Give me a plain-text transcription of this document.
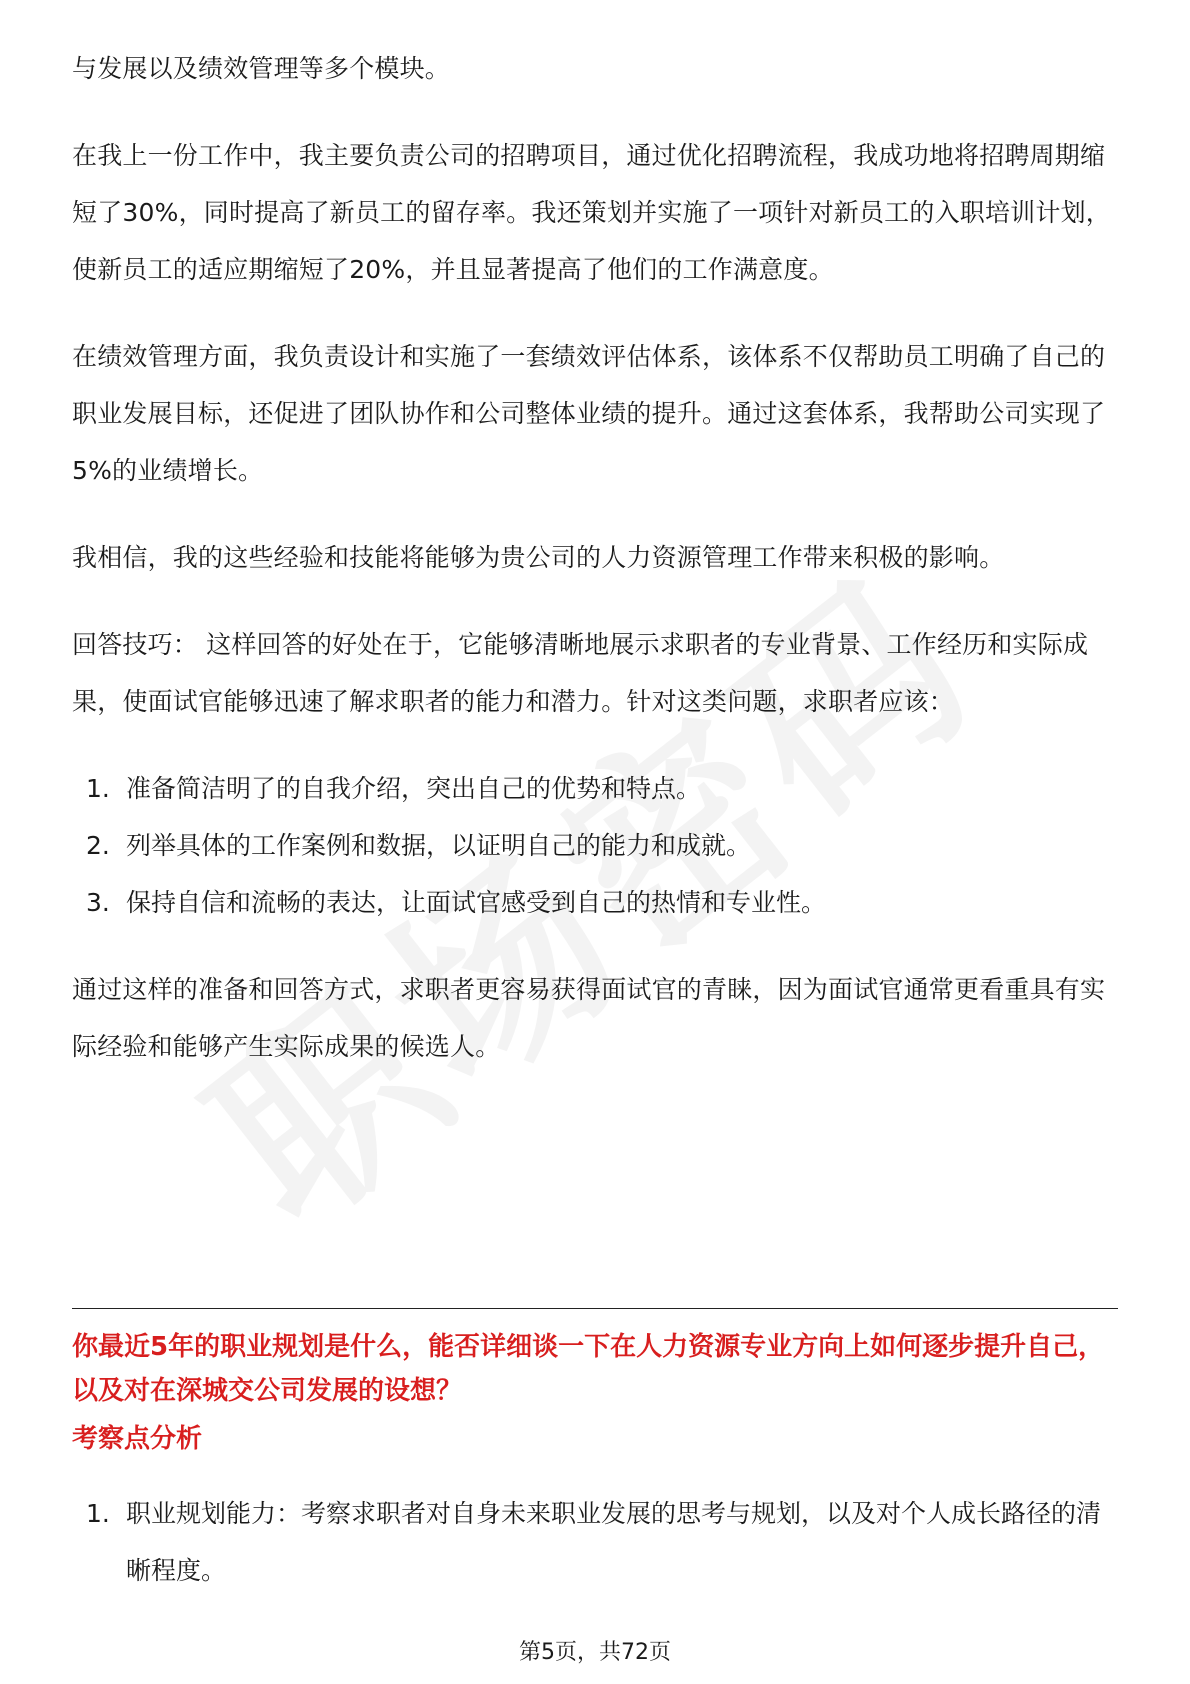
与发展以及绩效管理等多个模块。

在我上一份工作中，我主要负责公司的招聘项目，通过优化招聘流程，我成功地将招聘周期缩短了30%，同时提高了新员工的留存率。我还策划并实施了一项针对新员工的入职培训计划，使新员工的适应期缩短了20%，并且显著提高了他们的工作满意度。

在绩效管理方面，我负责设计和实施了一套绩效评估体系，该体系不仅帮助员工明确了自己的职业发展目标，还促进了团队协作和公司整体业绩的提升。通过这套体系，我帮助公司实现了5%的业绩增长。

我相信，我的这些经验和技能将能够为贵公司的人力资源管理工作带来积极的影响。

回答技巧： 这样回答的好处在于，它能够清晰地展示求职者的专业背景、工作经历和实际成果，使面试官能够迅速了解求职者的能力和潜力。针对这类问题，求职者应该：

1. 准备简洁明了的自我介绍，突出自己的优势和特点。
2. 列举具体的工作案例和数据，以证明自己的能力和成就。
3. 保持自信和流畅的表达，让面试官感受到自己的热情和专业性。

通过这样的准备和回答方式，求职者更容易获得面试官的青睐，因为面试官通常更看重具有实际经验和能够产生实际成果的候选人。

你最近5年的职业规划是什么，能否详细谈一下在人力资源专业方向上如何逐步提升自己，以及对在深城交公司发展的设想？
考察点分析
1. 职业规划能力：考察求职者对自身未来职业发展的思考与规划，以及对个人成长路径的清晰程度。
第5页，共72页
